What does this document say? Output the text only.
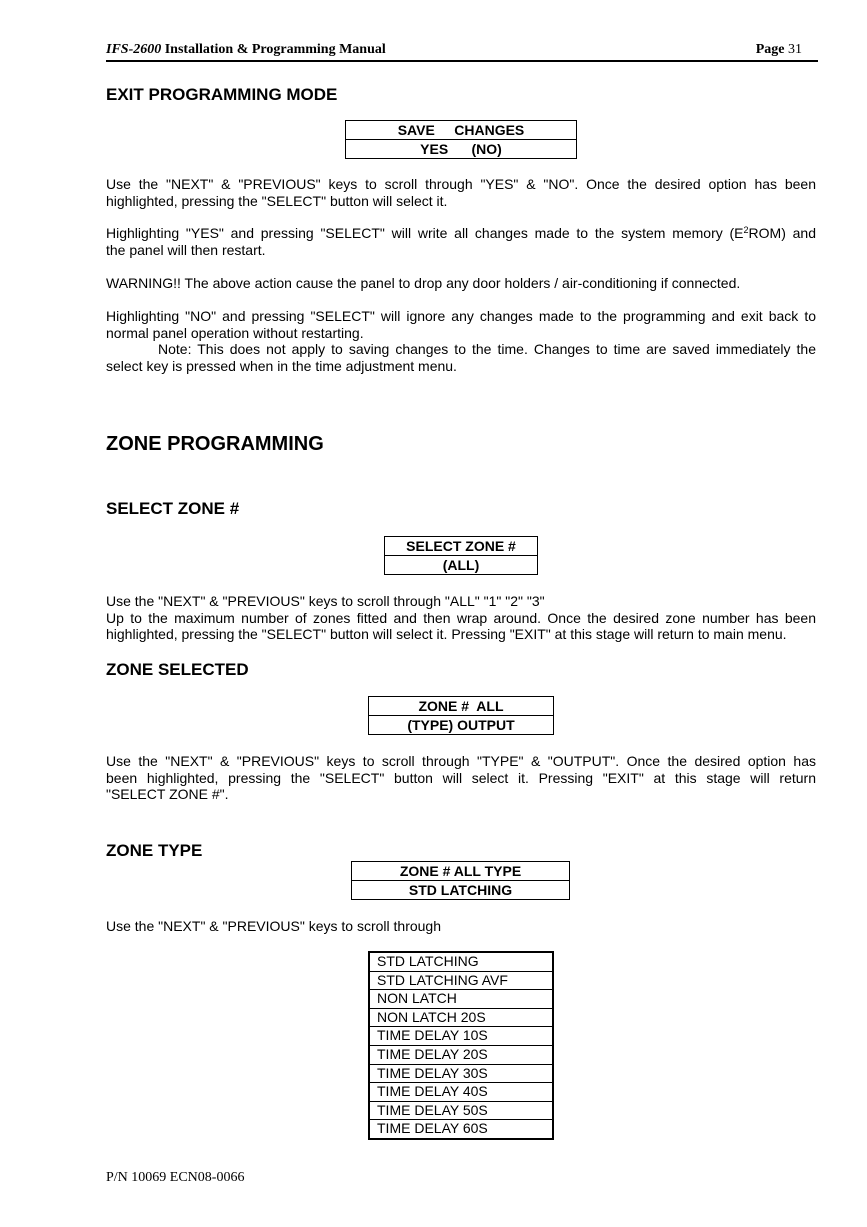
IFS-2600 Installation & Programming Manual	Page 31
EXIT PROGRAMMING MODE
SAVE     CHANGES
YES      (NO)
Use the "NEXT" & "PREVIOUS" keys to scroll through "YES" & "NO". Once the desired option has been
highlighted, pressing the "SELECT" button will select it.
Highlighting "YES" and pressing "SELECT" will write all changes made to the system memory $(E^2ROM)$ and
the panel will then restart.
WARNING!! The above action cause the panel to drop any door holders / air-conditioning if connected.
Highlighting "NO" and pressing "SELECT" will ignore any changes made to the programming and exit back to
normal panel operation without restarting.
Note: This does not apply to saving changes to the time. Changes to time are saved immediately the
select key is pressed when in the time adjustment menu.
ZONE PROGRAMMING
SELECT ZONE #
SELECT ZONE #
(ALL)
Use the "NEXT" & "PREVIOUS" keys to scroll through "ALL" "1" "2" "3"
Up to the maximum number of zones fitted and then wrap around. Once the desired zone number has been
highlighted, pressing the "SELECT" button will select it. Pressing "EXIT" at this stage will return to main menu.
ZONE SELECTED
ZONE #  ALL
(TYPE) OUTPUT
Use the "NEXT" & "PREVIOUS" keys to scroll through "TYPE" & "OUTPUT". Once the desired option has
been highlighted, pressing the "SELECT" button will select it. Pressing "EXIT" at this stage will return
"SELECT ZONE #".
ZONE TYPE
ZONE # ALL TYPE
STD LATCHING
Use the "NEXT" & "PREVIOUS" keys to scroll through
STD LATCHING
STD LATCHING AVF
NON LATCH
NON LATCH 20S
TIME DELAY 10S
TIME DELAY 20S
TIME DELAY 30S
TIME DELAY 40S
TIME DELAY 50S
TIME DELAY 60S
P/N 10069 ECN08-0066
